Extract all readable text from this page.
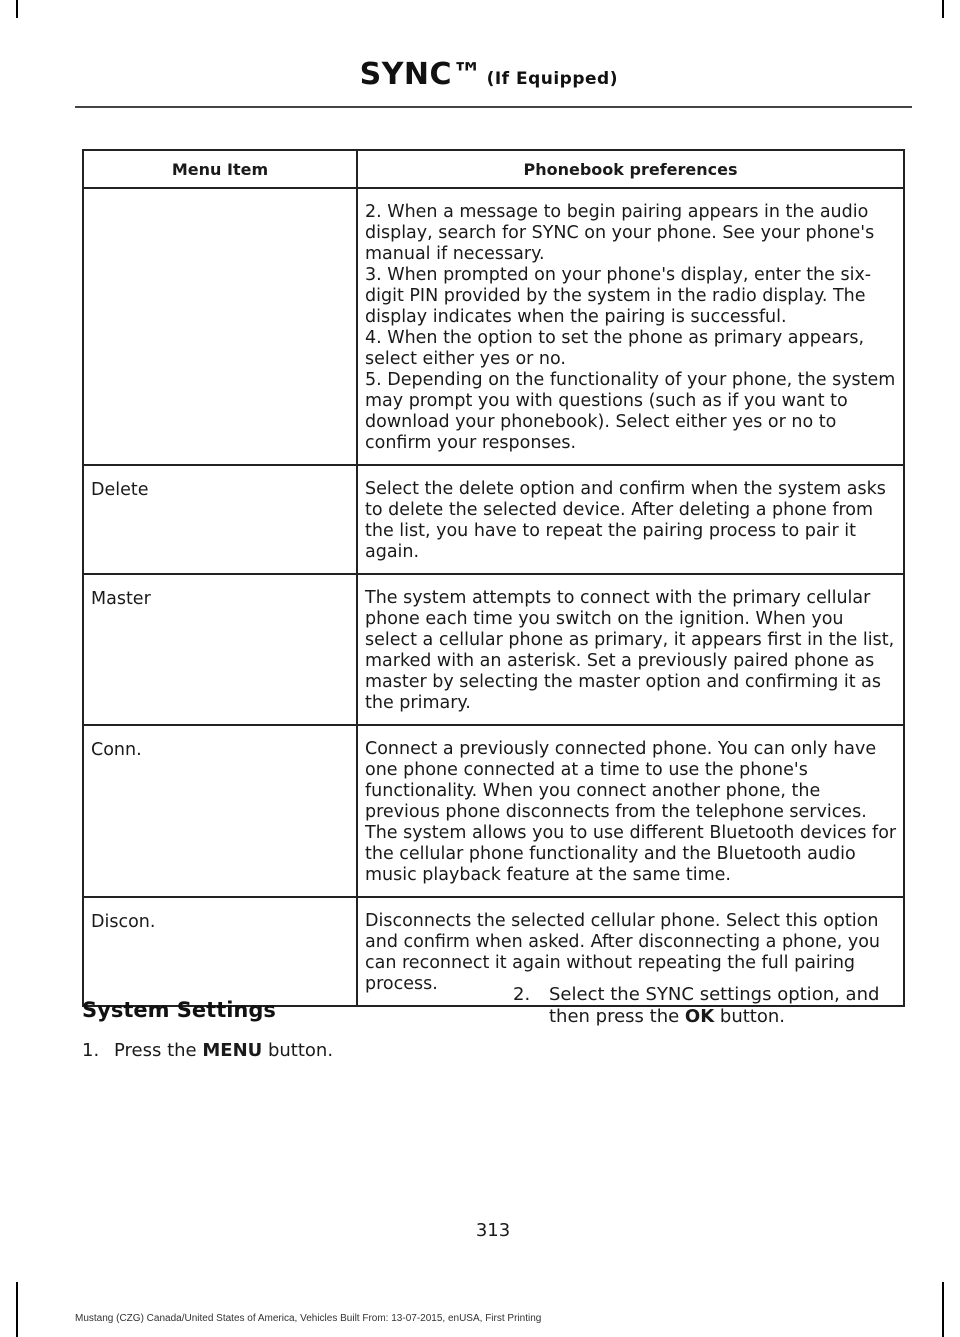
SYNC™ (If Equipped)
Menu Item	Phonebook preferences

	2. When a message to begin pairing appears in the audio display, search for SYNC on your phone. See your phone's manual if necessary.

3. When prompted on your phone's display, enter the six-digit PIN provided by the system in the radio display. The display indicates when the pairing is successful.

4. When the option to set the phone as primary appears, select either yes or no.

5. Depending on the functionality of your phone, the system may prompt you with questions (such as if you want to download your phonebook). Select either yes or no to confirm your responses.

Delete	Select the delete option and confirm when the system asks to delete the selected device. After deleting a phone from the list, you have to repeat the pairing process to pair it again.
Master	The system attempts to connect with the primary cellular phone each time you switch on the ignition. When you select a cellular phone as primary, it appears first in the list, marked with an asterisk. Set a previously paired phone as master by selecting the master option and confirming it as the primary.
Conn.	Connect a previously connected phone. You can only have one phone connected at a time to use the phone's functionality. When you connect another phone, the previous phone disconnects from the telephone services. The system allows you to use different Bluetooth devices for the cellular phone functionality and the Bluetooth audio music playback feature at the same time.
Discon.	Disconnects the selected cellular phone. Select this option and confirm when asked. After disconnecting a phone, you can reconnect it again without repeating the full pairing process.
System Settings
1. Press the MENU button.
2.	Select the SYNC settings option, and then press the OK button.
313
Mustang (CZG) Canada/United States of America, Vehicles Built From: 13-07-2015, enUSA, First Printing
